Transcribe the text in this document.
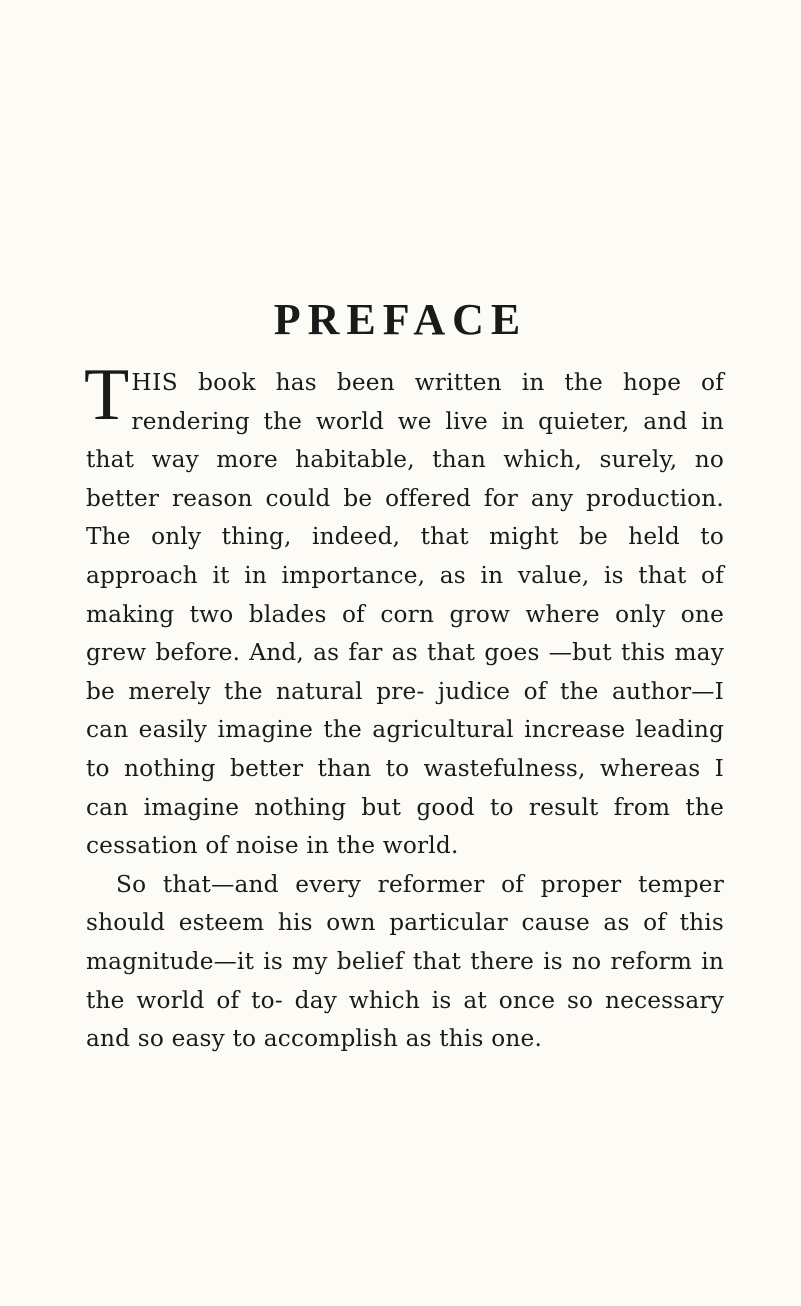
PREFACE

THIS book has been written in the hope of rendering the world we live in quieter, and in that way more habitable, than which, surely, no better reason could be offered for any production. The only thing, indeed, that might be held to approach it in importance, as in value, is that of making two blades of corn grow where only one grew before. And, as far as that goes —but this may be merely the natural pre- judice of the author—I can easily imagine the agricultural increase leading to nothing better than to wastefulness, whereas I can imagine nothing but good to result from the cessation of noise in the world.

So that—and every reformer of proper temper should esteem his own particular cause as of this magnitude—it is my belief that there is no reform in the world of to- day which is at once so necessary and so easy to accomplish as this one.
